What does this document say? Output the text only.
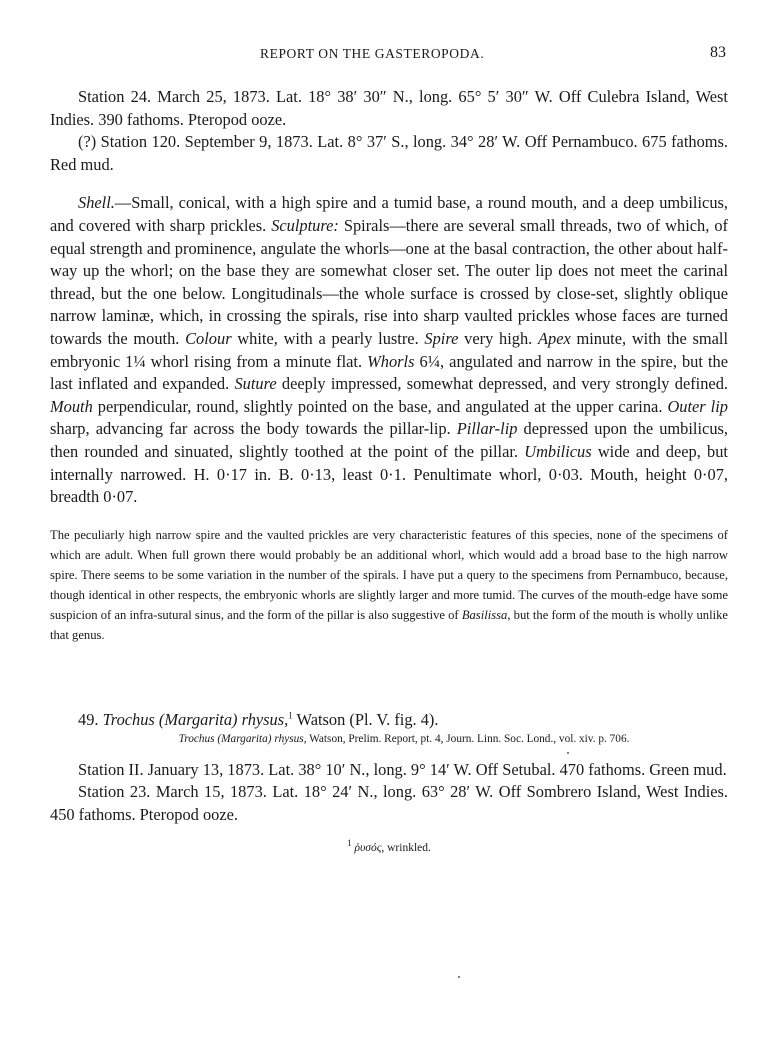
REPORT ON THE GASTEROPODA.	83

Station 24. March 25, 1873. Lat. 18° 38′ 30″ N., long. 65° 5′ 30″ W. Off Culebra Island, West Indies. 390 fathoms. Pteropod ooze.

(?) Station 120. September 9, 1873. Lat. 8° 37′ S., long. 34° 28′ W. Off Pernambuco. 675 fathoms. Red mud.

Shell.—Small, conical, with a high spire and a tumid base, a round mouth, and a deep umbilicus, and covered with sharp prickles. Sculpture: Spirals—there are several small threads, two of which, of equal strength and prominence, angulate the whorls—one at the basal contraction, the other about half-way up the whorl; on the base they are somewhat closer set. The outer lip does not meet the carinal thread, but the one below. Longitudinals—the whole surface is crossed by close-set, slightly oblique narrow laminæ, which, in crossing the spirals, rise into sharp vaulted prickles whose faces are turned towards the mouth. Colour white, with a pearly lustre. Spire very high. Apex minute, with the small embryonic 1¼ whorl rising from a minute flat. Whorls 6¼, angulated and narrow in the spire, but the last inflated and expanded. Suture deeply impressed, somewhat depressed, and very strongly defined. Mouth perpendicular, round, slightly pointed on the base, and angulated at the upper carina. Outer lip sharp, advancing far across the body towards the pillar-lip. Pillar-lip depressed upon the umbilicus, then rounded and sinuated, slightly toothed at the point of the pillar. Umbilicus wide and deep, but internally narrowed. H. 0·17 in. B. 0·13, least 0·1. Penultimate whorl, 0·03. Mouth, height 0·07, breadth 0·07.

The peculiarly high narrow spire and the vaulted prickles are very characteristic features of this species, none of the specimens of which are adult. When full grown there would probably be an additional whorl, which would add a broad base to the high narrow spire. There seems to be some variation in the number of the spirals. I have put a query to the specimens from Pernambuco, because, though identical in other respects, the embryonic whorls are slightly larger and more tumid. The curves of the mouth-edge have some suspicion of an infra-sutural sinus, and the form of the pillar is also suggestive of Basilissa, but the form of the mouth is wholly unlike that genus.

49. Trochus (Margarita) rhysus,$^1$ Watson (Pl. V. fig. 4).

Trochus (Margarita) rhysus, Watson, Prelim. Report, pt. 4, Journ. Linn. Soc. Lond., vol. xiv. p. 706.

Station II. January 13, 1873. Lat. 38° 10′ N., long. 9° 14′ W. Off Setubal. 470 fathoms. Green mud.

Station 23. March 15, 1873. Lat. 18° 24′ N., long. 63° 28′ W. Off Sombrero Island, West Indies. 450 fathoms. Pteropod ooze.

$^1$ ῥυσός, wrinkled.
